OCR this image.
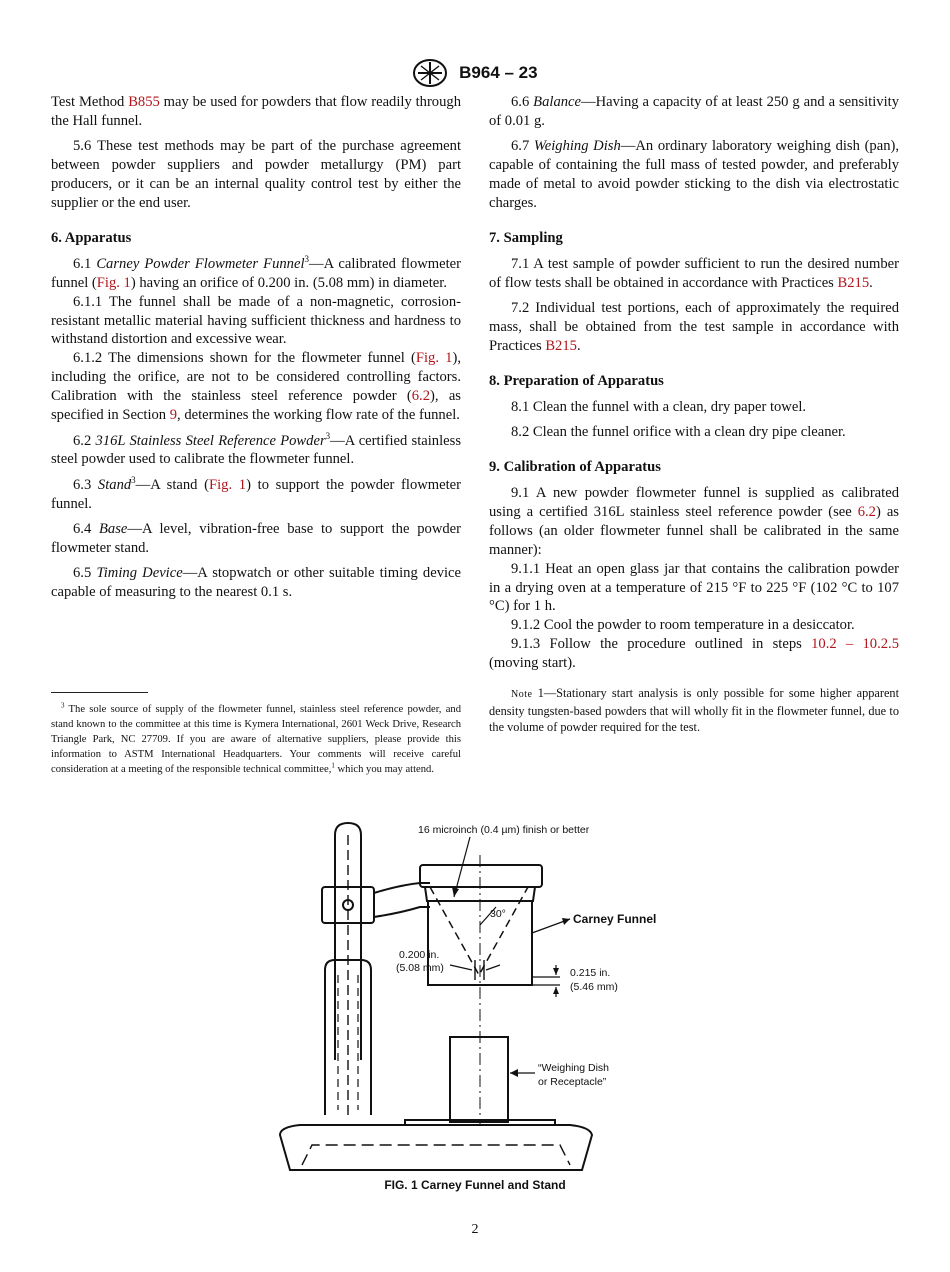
B964 – 23

Test Method B855 may be used for powders that flow readily through the Hall funnel.

5.6 These test methods may be part of the purchase agreement between powder suppliers and powder metallurgy (PM) part producers, or it can be an internal quality control test by either the supplier or the end user.

6. Apparatus

6.1 Carney Powder Flowmeter Funnel$^3$—A calibrated flowmeter funnel (Fig. 1) having an orifice of 0.200 in. (5.08 mm) in diameter.

6.1.1 The funnel shall be made of a non-magnetic, corrosion-resistant metallic material having sufficient thickness and hardness to withstand distortion and excessive wear.

6.1.2 The dimensions shown for the flowmeter funnel (Fig. 1), including the orifice, are not to be considered controlling factors. Calibration with the stainless steel reference powder (6.2), as specified in Section 9, determines the working flow rate of the funnel.

6.2 316L Stainless Steel Reference Powder$^3$—A certified stainless steel powder used to calibrate the flowmeter funnel.

6.3 Stand$^3$—A stand (Fig. 1) to support the powder flowmeter funnel.

6.4 Base—A level, vibration-free base to support the powder flowmeter stand.

6.5 Timing Device—A stopwatch or other suitable timing device capable of measuring to the nearest 0.1 s.

$^3$ The sole source of supply of the flowmeter funnel, stainless steel reference powder, and stand known to the committee at this time is Kymera International, 2601 Weck Drive, Research Triangle Park, NC 27709. If you are aware of alternative suppliers, please provide this information to ASTM International Headquarters. Your comments will receive careful consideration at a meeting of the responsible technical committee,$^1$ which you may attend.

6.6 Balance—Having a capacity of at least 250 g and a sensitivity of 0.01 g.

6.7 Weighing Dish—An ordinary laboratory weighing dish (pan), capable of containing the full mass of tested powder, and preferably made of metal to avoid powder sticking to the dish via electrostatic charges.

7. Sampling

7.1 A test sample of powder sufficient to run the desired number of flow tests shall be obtained in accordance with Practices B215.

7.2 Individual test portions, each of approximately the required mass, shall be obtained from the test sample in accordance with Practices B215.

8. Preparation of Apparatus

8.1 Clean the funnel with a clean, dry paper towel.

8.2 Clean the funnel orifice with a clean dry pipe cleaner.

9. Calibration of Apparatus

9.1 A new powder flowmeter funnel is supplied as calibrated using a certified 316L stainless steel reference powder (see 6.2) as follows (an older flowmeter funnel shall be calibrated in the same manner):

9.1.1 Heat an open glass jar that contains the calibration powder in a drying oven at a temperature of 215 °F to 225 °F (102 °C to 107 °C) for 1 h.

9.1.2 Cool the powder to room temperature in a desiccator.

9.1.3 Follow the procedure outlined in steps 10.2 – 10.2.5 (moving start).

Note 1—Stationary start analysis is only possible for some higher apparent density tungsten-based powders that will wholly fit in the flowmeter funnel, due to the volume of powder required for the test.
16 microinch (0.4 µm) finish or better
30°	Carney Funnel
0.200 in.
(5.08 mm)	0.215 in.
(5.46 mm)
“Weighing Dish
or Receptacle”
FIG. 1 Carney Funnel and Stand
2
